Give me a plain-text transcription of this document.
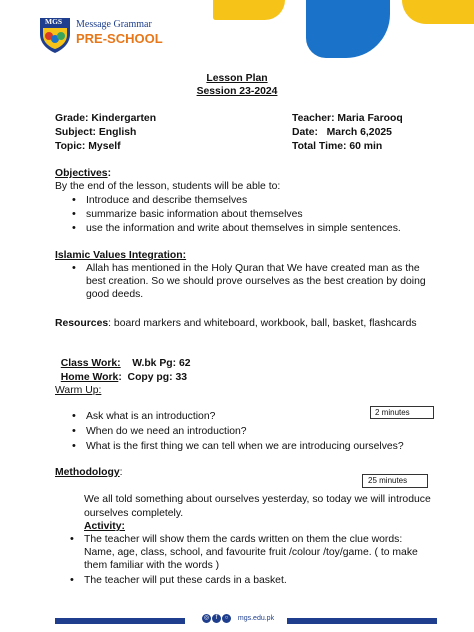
MGS Message Grammar
PRE-SCHOOL
Lesson Plan
Session 23-2024
Grade: Kindergarten
Subject: English
Topic: Myself
Teacher: Maria Farooq
Date:   March 6,2025
Total Time: 60 min
Objectives:
By the end of the lesson, students will be able to:
• Introduce and describe themselves
• summarize basic information about themselves
• use the information and write about themselves in simple sentences.
Islamic Values Integration:
• Allah has mentioned in the Holy Quran that We have created man as the best creation. So we should prove ourselves as the best creation by doing good deeds.
Resources: board markers and whiteboard, workbook, ball, basket, flashcards

Class Work: W.bk Pg: 62

Home Work:  Copy pg: 33

Warm Up:
2 minutes
• Ask what is an introduction?
• When do we need an introduction?
• What is the first thing we can tell when we are introducing ourselves?
Methodology:
25 minutes
We all told something about ourselves yesterday, so today we will introduce ourselves completely.
Activity:
• The teacher will show them the cards written on them the clue words: Name, age, class, school, and favourite fruit /colour /toy/game. ( to make them familiar with the words )
• The teacher will put these cards in a basket.
◎ f ○ mgs.edu.pk
